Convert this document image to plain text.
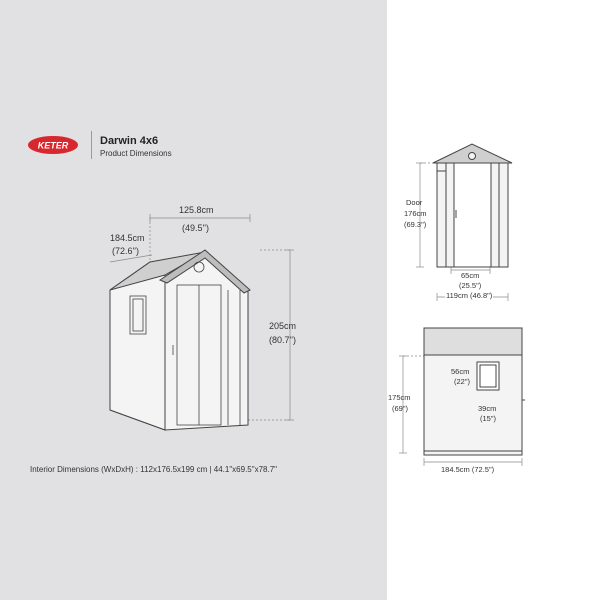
KETER	Darwin 4x6
Product Dimensions
125.8cm
(49.5'')
184.5cm
(72.6'')
205cm
(80.7'')
Interior Dimensions (WxDxH) : 112x176.5x199 cm | 44.1"x69.5"x78.7"
Door
176cm
(69.3")
65cm
(25.5")
119cm (46.8")
175cm
(69")
56cm
(22")
39cm
(15")
184.5cm (72.5")
